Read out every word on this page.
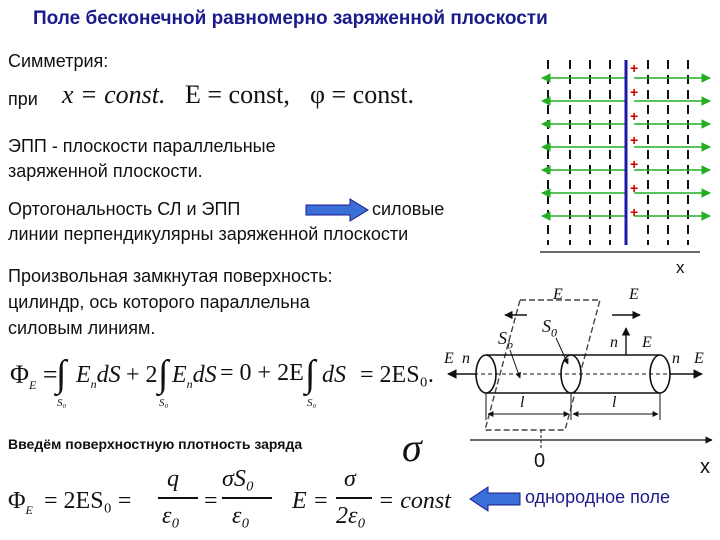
Поле бесконечной равномерно заряженной плоскости
Симметрия:
при x = const. E = const, φ = const.
ЭПП - плоскости параллельные
заряженной плоскости.
Ортогональность СЛ и ЭПП	силовые
линии перпендикулярны заряженной плоскости
Произвольная замкнутая поверхность:
цилиндр, ось которого параллельна
силовым линиям.
$\Phi_E$ =
∫
S₀
$E_ndS + 2$ ∫
S₀
$E_ndS = 0 + 2E$ ∫
S₀
dS = 2ES₀.
Введём поверхностную плотность заряда σ
$\Phi_E = 2ES_0$ =
q
ε₀
=
σS₀
ε₀
E =
σ
2ε₀
= const	однородное поле
+
+
+
+
+
+
+
x
0	x
$S_b$
$S_0$
E	E
n E
n E
E n
l	l
